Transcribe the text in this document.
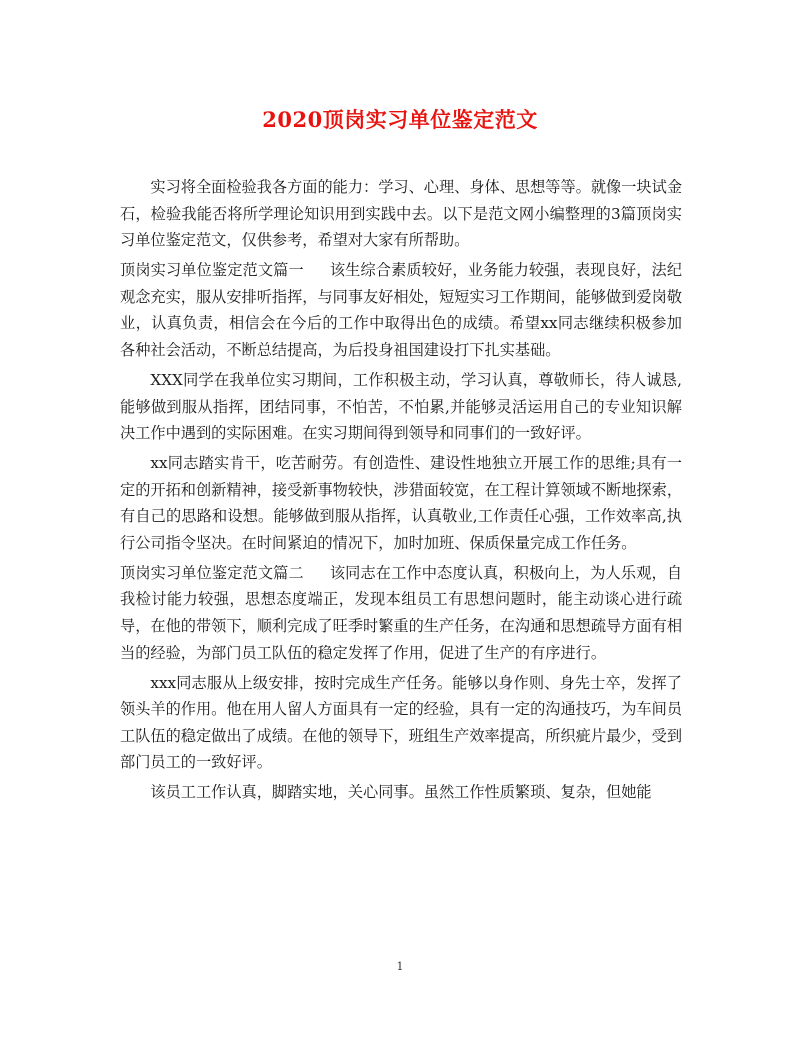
2020顶岗实习单位鉴定范文

实习将全面检验我各方面的能力：学习、心理、身体、思想等等。就像一块试金石，检验我能否将所学理论知识用到实践中去。以下是范文网小编整理的3篇顶岗实习单位鉴定范文，仅供参考，希望对大家有所帮助。

顶岗实习单位鉴定范文篇一 该生综合素质较好，业务能力较强，表现良好，法纪观念充实，服从安排听指挥，与同事友好相处，短短实习工作期间，能够做到爱岗敬业，认真负责，相信会在今后的工作中取得出色的成绩。希望xx同志继续积极参加各种社会活动，不断总结提高，为后投身祖国建设打下扎实基础。

XXX同学在我单位实习期间，工作积极主动，学习认真，尊敬师长，待人诚恳,能够做到服从指挥，团结同事，不怕苦，不怕累,并能够灵活运用自己的专业知识解决工作中遇到的实际困难。在实习期间得到领导和同事们的一致好评。

xx同志踏实肯干，吃苦耐劳。有创造性、建设性地独立开展工作的思维;具有一定的开拓和创新精神，接受新事物较快，涉猎面较宽，在工程计算领域不断地探索，有自己的思路和设想。能够做到服从指挥，认真敬业,工作责任心强，工作效率高,执行公司指令坚决。在时间紧迫的情况下，加时加班、保质保量完成工作任务。

顶岗实习单位鉴定范文篇二 该同志在工作中态度认真，积极向上，为人乐观，自我检讨能力较强，思想态度端正，发现本组员工有思想问题时，能主动谈心进行疏导，在他的带领下，顺利完成了旺季时繁重的生产任务，在沟通和思想疏导方面有相当的经验，为部门员工队伍的稳定发挥了作用，促进了生产的有序进行。

xxx同志服从上级安排，按时完成生产任务。能够以身作则、身先士卒，发挥了领头羊的作用。他在用人留人方面具有一定的经验，具有一定的沟通技巧，为车间员工队伍的稳定做出了成绩。在他的领导下，班组生产效率提高，所织疵片最少，受到部门员工的一致好评。

该员工工作认真，脚踏实地，关心同事。虽然工作性质繁琐、复杂，但她能

1
